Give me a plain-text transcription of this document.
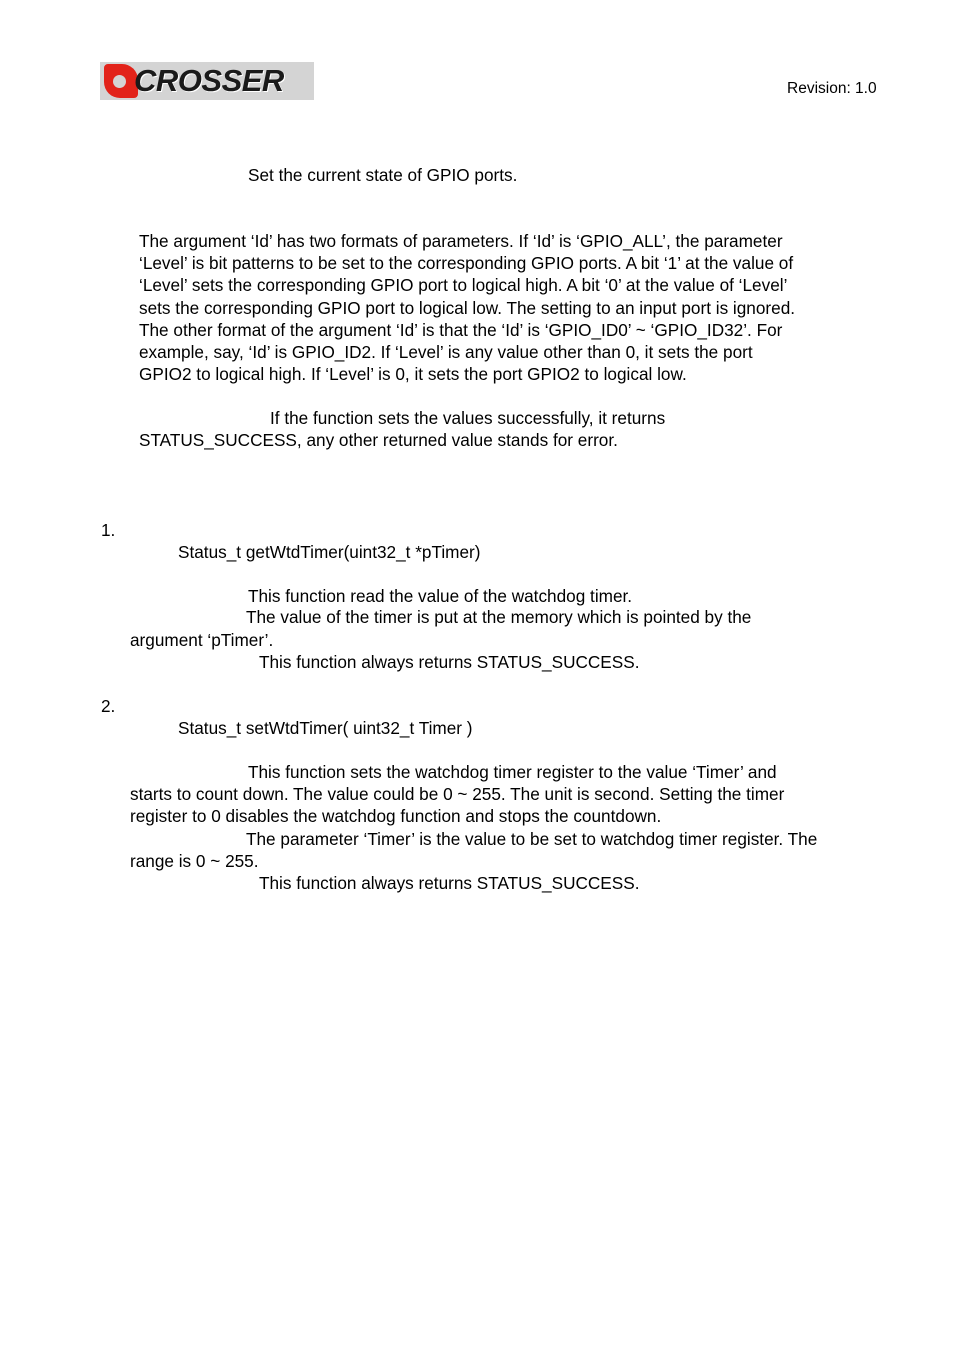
CROSSER	Revision: 1.0
Set the current state of GPIO ports.
The argument ‘Id’ has two formats of parameters. If ‘Id’ is ‘GPIO_ALL’, the parameter
‘Level’ is bit patterns to be set to the corresponding GPIO ports. A bit ‘1’ at the value of
‘Level’ sets the corresponding GPIO port to logical high. A bit ‘0’ at the value of ‘Level’
sets the corresponding GPIO port to logical low. The setting to an input port is ignored.
The other format of the argument ‘Id’ is that the ‘Id’ is ‘GPIO_ID0’ ~ ‘GPIO_ID32’. For
example, say, ‘Id’ is GPIO_ID2. If ‘Level’ is any value other than 0, it sets the port
GPIO2 to logical high. If ‘Level’ is 0, it sets the port GPIO2 to logical low.
If the function sets the values successfully, it returns
STATUS_SUCCESS, any other returned value stands for error.
1.
Status_t getWtdTimer(uint32_t *pTimer)
This function read the value of the watchdog timer.
The value of the timer is put at the memory which is pointed by the
argument ‘pTimer’.
This function always returns STATUS_SUCCESS.
2.
Status_t setWtdTimer( uint32_t Timer )
This function sets the watchdog timer register to the value ‘Timer’ and
starts to count down. The value could be 0 ~ 255. The unit is second. Setting the timer
register to 0 disables the watchdog function and stops the countdown.
The parameter ‘Timer’ is the value to be set to watchdog timer register. The
range is 0 ~ 255.
This function always returns STATUS_SUCCESS.
